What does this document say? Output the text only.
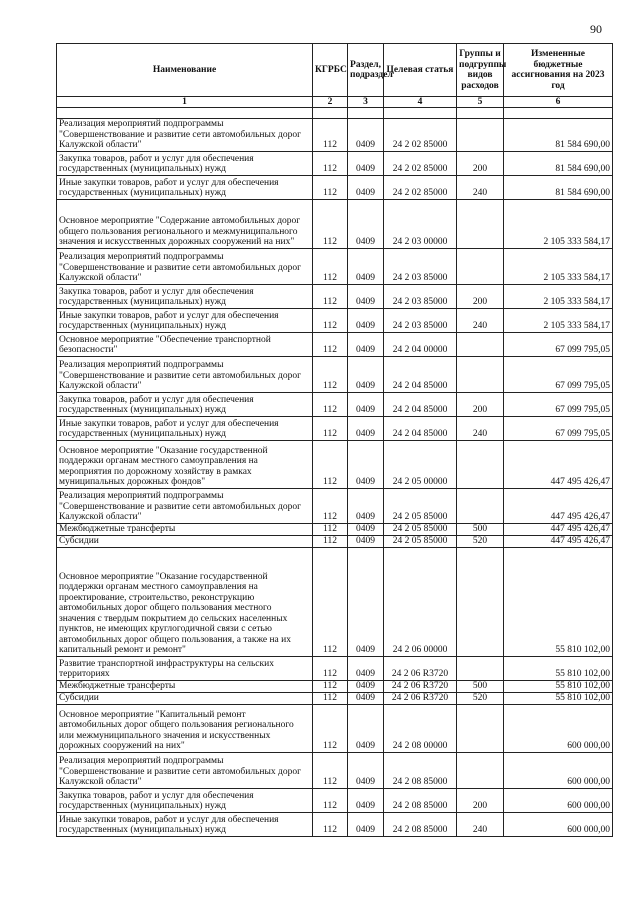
90
Наименование	КГРБС	Раздел, подраздел	Целевая статья	Группы и подгруппы видов расходов	Измененные бюджетные ассигнования на 2023 год
1	2	3	4	5	6

Реализация мероприятий подпрограммы "Совершенствование и развитие сети автомобильных дорог Калужской области"	112	0409	24 2 02 85000		81 584 690,00
Закупка товаров, работ и услуг для обеспечения государственных (муниципальных) нужд	112	0409	24 2 02 85000	200	81 584 690,00
Иные закупки товаров, работ и услуг для обеспечения государственных (муниципальных) нужд	112	0409	24 2 02 85000	240	81 584 690,00
Основное мероприятие "Содержание автомобильных дорог общего пользования регионального и межмуниципального значения и искусственных дорожных сооружений на них"	112	0409	24 2 03 00000		2 105 333 584,17
Реализация мероприятий подпрограммы "Совершенствование и развитие сети автомобильных дорог Калужской области"	112	0409	24 2 03 85000		2 105 333 584,17
Закупка товаров, работ и услуг для обеспечения государственных (муниципальных) нужд	112	0409	24 2 03 85000	200	2 105 333 584,17
Иные закупки товаров, работ и услуг для обеспечения государственных (муниципальных) нужд	112	0409	24 2 03 85000	240	2 105 333 584,17
Основное мероприятие "Обеспечение транспортной безопасности"	112	0409	24 2 04 00000		67 099 795,05
Реализация мероприятий подпрограммы "Совершенствование и развитие сети автомобильных дорог Калужской области"	112	0409	24 2 04 85000		67 099 795,05
Закупка товаров, работ и услуг для обеспечения государственных (муниципальных) нужд	112	0409	24 2 04 85000	200	67 099 795,05
Иные закупки товаров, работ и услуг для обеспечения государственных (муниципальных) нужд	112	0409	24 2 04 85000	240	67 099 795,05
Основное мероприятие "Оказание государственной поддержки органам местного самоуправления на мероприятия по дорожному хозяйству в рамках муниципальных дорожных фондов"	112	0409	24 2 05 00000		447 495 426,47
Реализация мероприятий подпрограммы "Совершенствование и развитие сети автомобильных дорог Калужской области"	112	0409	24 2 05 85000		447 495 426,47
Межбюджетные трансферты	112	0409	24 2 05 85000	500	447 495 426,47
Субсидии	112	0409	24 2 05 85000	520	447 495 426,47
Основное мероприятие "Оказание государственной поддержки органам местного самоуправления на проектирование, строительство, реконструкцию автомобильных дорог общего пользования местного значения с твердым покрытием до сельских населенных пунктов, не имеющих круглогодичной связи с сетью автомобильных дорог общего пользования, а также на их капитальный ремонт и ремонт"	112	0409	24 2 06 00000		55 810 102,00
Развитие транспортной инфраструктуры на сельских территориях	112	0409	24 2 06 R3720		55 810 102,00
Межбюджетные трансферты	112	0409	24 2 06 R3720	500	55 810 102,00
Субсидии	112	0409	24 2 06 R3720	520	55 810 102,00
Основное мероприятие "Капитальный ремонт автомобильных дорог общего пользования регионального или межмуниципального значения и искусственных дорожных сооружений на них"	112	0409	24 2 08 00000		600 000,00
Реализация мероприятий подпрограммы "Совершенствование и развитие сети автомобильных дорог Калужской области"	112	0409	24 2 08 85000		600 000,00
Закупка товаров, работ и услуг для обеспечения государственных (муниципальных) нужд	112	0409	24 2 08 85000	200	600 000,00
Иные закупки товаров, работ и услуг для обеспечения государственных (муниципальных) нужд	112	0409	24 2 08 85000	240	600 000,00
